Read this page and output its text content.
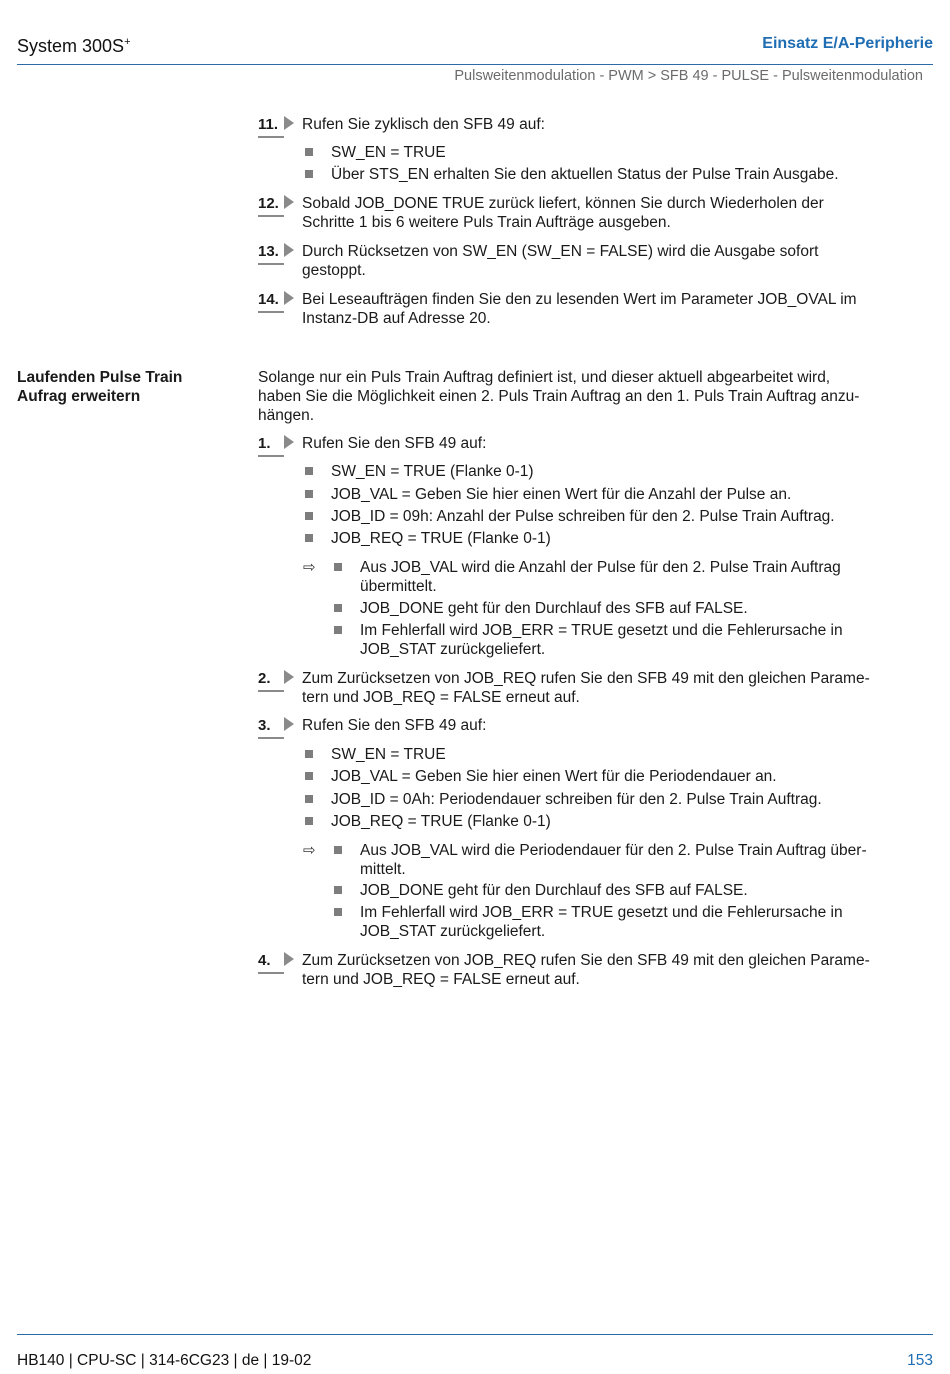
System 300S+	Einsatz E/A-Peripherie
Pulsweitenmodulation - PWM > SFB 49 - PULSE - Pulsweitenmodulation
11. Rufen Sie zyklisch den SFB 49 auf:
SW_EN = TRUE
Über STS_EN erhalten Sie den aktuellen Status der Pulse Train Ausgabe.
12. Sobald JOB_DONE TRUE zurück liefert, können Sie durch Wiederholen der
Schritte 1 bis 6 weitere Puls Train Aufträge ausgeben.
13. Durch Rücksetzen von SW_EN (SW_EN = FALSE) wird die Ausgabe sofort
gestoppt.
14. Bei Leseaufträgen finden Sie den zu lesenden Wert im Parameter JOB_OVAL im
Instanz-DB auf Adresse 20.
Laufenden Pulse Train
Aufrag erweitern
Solange nur ein Puls Train Auftrag definiert ist, und dieser aktuell abgearbeitet wird,
haben Sie die Möglichkeit einen 2. Puls Train Auftrag an den 1. Puls Train Auftrag anzu-
hängen.
1. Rufen Sie den SFB 49 auf:
SW_EN = TRUE (Flanke 0-1)
JOB_VAL = Geben Sie hier einen Wert für die Anzahl der Pulse an.
JOB_ID = 09h: Anzahl der Pulse schreiben für den 2. Pulse Train Auftrag.
JOB_REQ = TRUE (Flanke 0-1)
⇨	Aus JOB_VAL wird die Anzahl der Pulse für den 2. Pulse Train Auftrag
übermittelt.
JOB_DONE geht für den Durchlauf des SFB auf FALSE.
Im Fehlerfall wird JOB_ERR = TRUE gesetzt und die Fehlerursache in
JOB_STAT zurückgeliefert.
2. Zum Zurücksetzen von JOB_REQ rufen Sie den SFB 49 mit den gleichen Parame-
tern und JOB_REQ = FALSE erneut auf.
3. Rufen Sie den SFB 49 auf:
SW_EN = TRUE
JOB_VAL = Geben Sie hier einen Wert für die Periodendauer an.
JOB_ID = 0Ah: Periodendauer schreiben für den 2. Pulse Train Auftrag.
JOB_REQ = TRUE (Flanke 0-1)
⇨	Aus JOB_VAL wird die Periodendauer für den 2. Pulse Train Auftrag über-
mittelt.
JOB_DONE geht für den Durchlauf des SFB auf FALSE.
Im Fehlerfall wird JOB_ERR = TRUE gesetzt und die Fehlerursache in
JOB_STAT zurückgeliefert.
4. Zum Zurücksetzen von JOB_REQ rufen Sie den SFB 49 mit den gleichen Parame-
tern und JOB_REQ = FALSE erneut auf.
HB140 | CPU-SC | 314-6CG23 | de | 19-02	153
